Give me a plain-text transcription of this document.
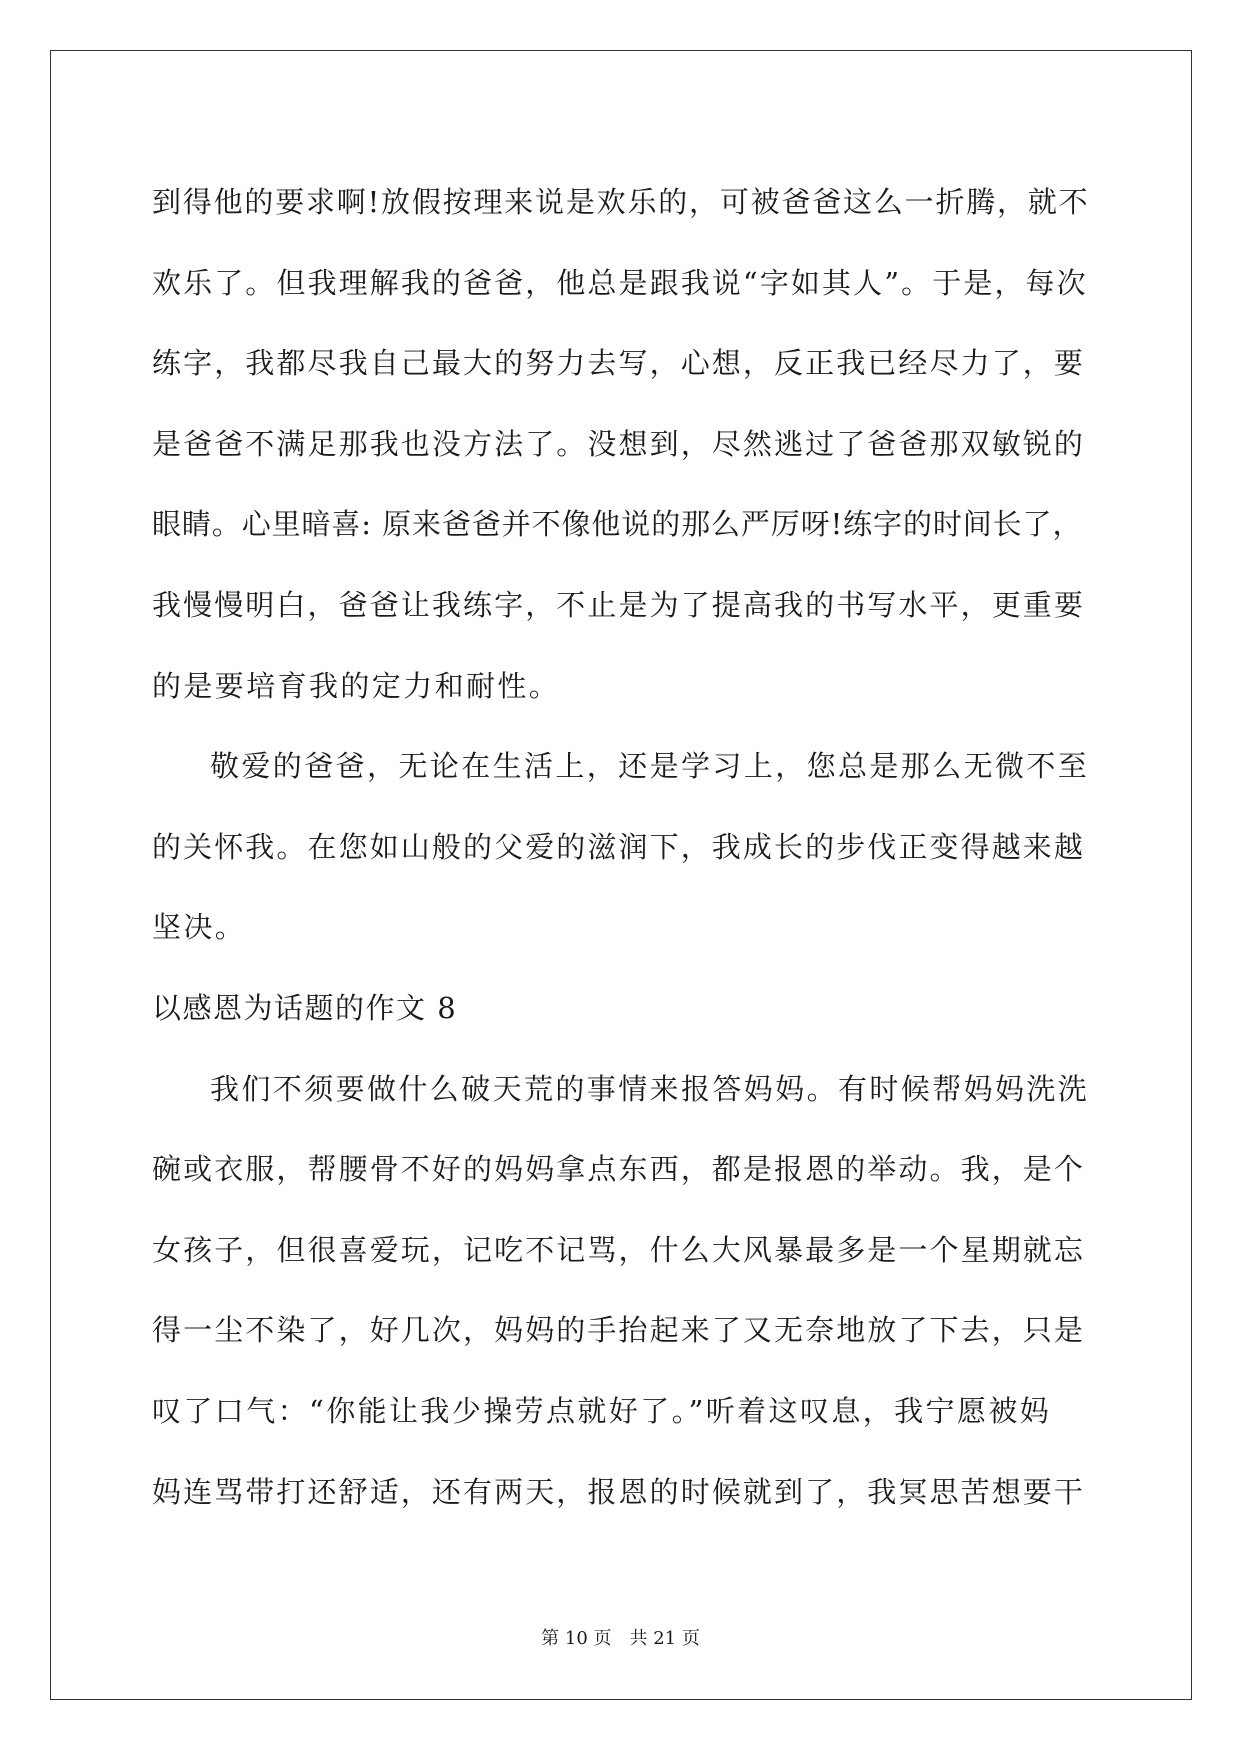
到得他的要求啊!放假按理来说是欢乐的，可被爸爸这么一折腾，就不
欢乐了。但我理解我的爸爸，他总是跟我说“字如其人”。于是，每次
练字，我都尽我自己最大的努力去写，心想，反正我已经尽力了，要
是爸爸不满足那我也没方法了。没想到，尽然逃过了爸爸那双敏锐的
眼睛。心里暗喜: 原来爸爸并不像他说的那么严厉呀!练字的时间长了，
我慢慢明白，爸爸让我练字，不止是为了提高我的书写水平，更重要
的是要培育我的定力和耐性。
敬爱的爸爸，无论在生活上，还是学习上，您总是那么无微不至
的关怀我。在您如山般的父爱的滋润下，我成长的步伐正变得越来越
坚决。
以感恩为话题的作文 8
我们不须要做什么破天荒的事情来报答妈妈。有时候帮妈妈洗洗
碗或衣服，帮腰骨不好的妈妈拿点东西，都是报恩的举动。我，是个
女孩子，但很喜爱玩，记吃不记骂，什么大风暴最多是一个星期就忘
得一尘不染了，好几次，妈妈的手抬起来了又无奈地放了下去，只是
叹了口气：“你能让我少操劳点就好了。”听着这叹息，我宁愿被妈
妈连骂带打还舒适，还有两天，报恩的时候就到了，我冥思苦想要干
第 10 页　共 21 页
